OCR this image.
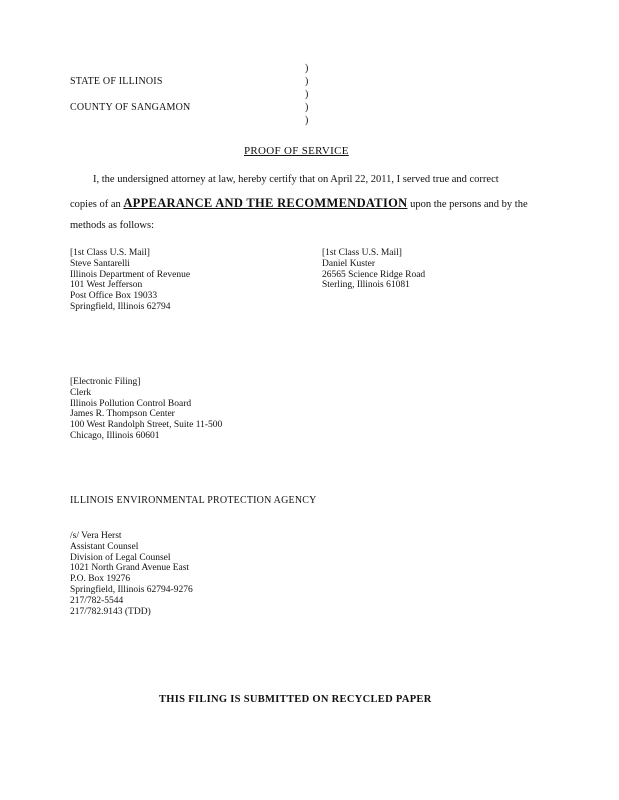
STATE OF ILLINOIS
COUNTY OF SANGAMON
)
)
)
)
)
PROOF OF SERVICE
I, the undersigned attorney at law, hereby certify that on April 22, 2011, I served true and correct
copies of an APPEARANCE AND THE RECOMMENDATION upon the persons and by the
methods as follows:
[1st Class U.S. Mail]
Steve Santarelli
Illinois Department of Revenue
101 West Jefferson
Post Office Box 19033
Springfield, Illinois 62794
[1st Class U.S. Mail]
Daniel Kuster
26565 Science Ridge Road
Sterling, Illinois 61081
[Electronic Filing]
Clerk
Illinois Pollution Control Board
James R. Thompson Center
100 West Randolph Street, Suite 11-500
Chicago, Illinois 60601
ILLINOIS ENVIRONMENTAL PROTECTION AGENCY
/s/ Vera Herst
Assistant Counsel
Division of Legal Counsel
1021 North Grand Avenue East
P.O. Box 19276
Springfield, Illinois 62794-9276
217/782-5544
217/782.9143 (TDD)
THIS FILING IS SUBMITTED ON RECYCLED PAPER
